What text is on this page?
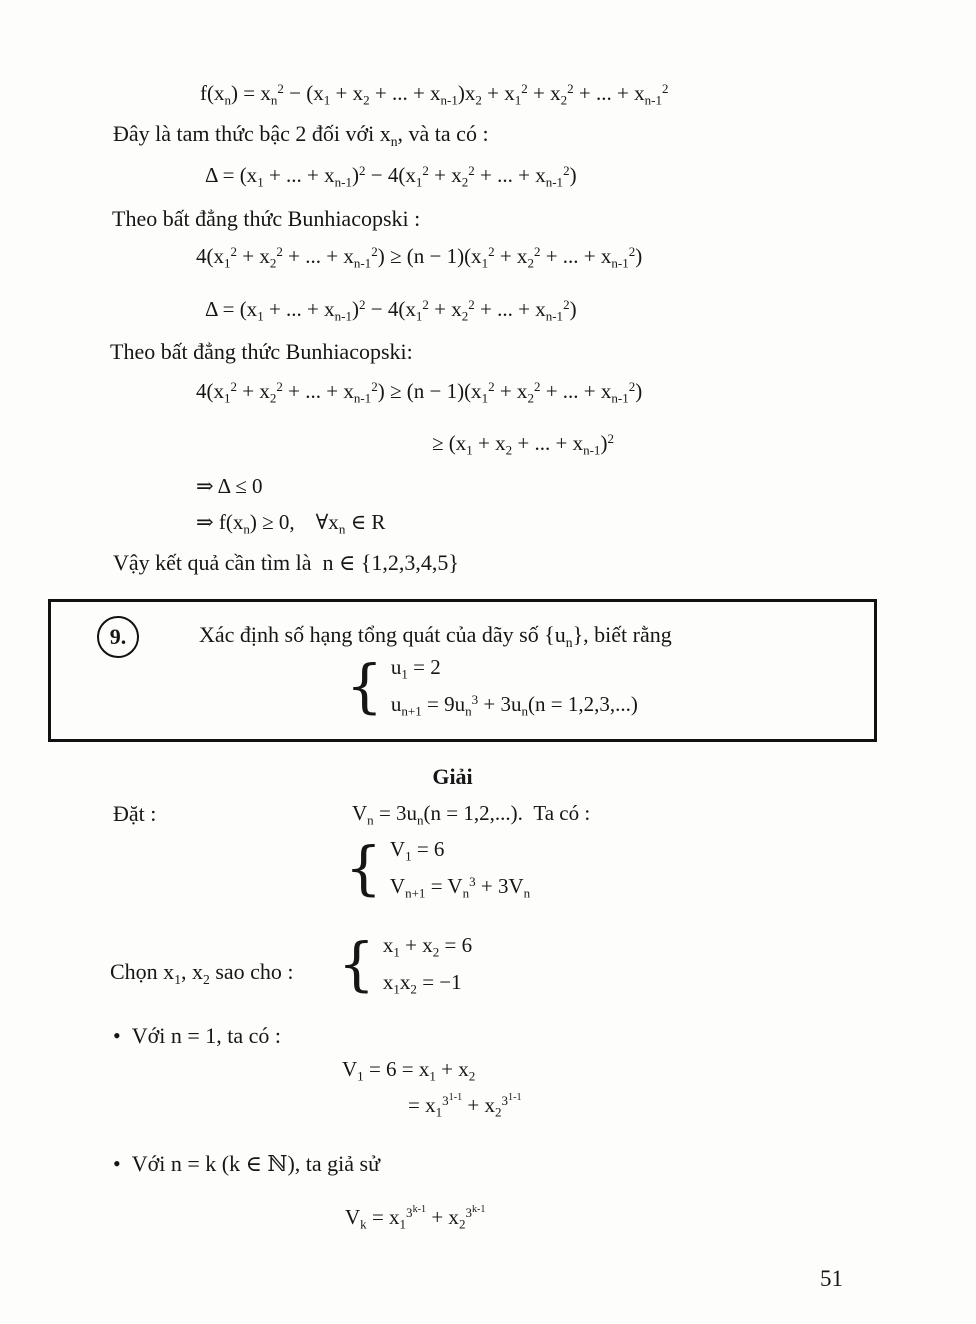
$f(x_n) = x_n^2 - (x_1 + x_2$ + ... + $x_{n-1})x_2 + x_1^2 + x_2^2$ + ... + $x_{n-1}^2$
Đây là tam thức bậc 2 đối với $x_n$, và ta có :
$\Delta = (x_1$ + ... + $x_{n-1})^2 - 4(x_1^2 + x_2^2$ + ... + $x_{n-1}^2$)
Theo bất đẳng thức Bunhiacopski :
$4(x_1^2 + x_2^2$ + ... + $x_{n-1}^2) \ge (n - 1)(x_1^2 + x_2^2$ + ... + $x_{n-1}^2$)
$\Delta = (x_1$ + ... + $x_{n-1})^2 - 4(x_1^2 + x_2^2$ + ... + $x_{n-1}^2$)
Theo bất đẳng thức Bunhiacopski:
$4(x_1^2 + x_2^2$ + ... + $x_{n-1}^2) \ge (n - 1)(x_1^2 + x_2^2$ + ... + $x_{n-1}^2$)
≥ ($x_1 + x_2$ + ... + $x_{n-1})^2$
⇒ Δ ≤ 0
⇒ $f(x_n) \ge 0$, $\forall x_n$ ∈ R
Vậy kết quả cần tìm là n ∈ {1,2,3,4,5}
9.	Xác định số hạng tổng quát của dãy số $\{u_n\}$, biết rằng
{ $u_1 = 2$
$u_{n+1} = 9u_n^3 + 3u_n(n = 1,2,3,...)$
Giải
Đặt :	$V_n = 3u_n(n = 1,2,...)$. Ta có :
{ $V_1 = 6$
$V_{n+1} = V_n^3 + 3V_n$
Chọn $x_1$, $x_2$ sao cho : { $x_1 + x_2 = 6$
$x_1x_2 = -1$
• Với n = 1, ta có :
$V_1 = 6 = x_1 + x_2$
= $x_1^{3^{1-1}} + x_2^{3^{1-1}}$
• Với n = k (k ∈ ℕ), ta giả sử
$V_k = x_1^{3^{k-1}} + x_2^{3^{k-1}}$
51
